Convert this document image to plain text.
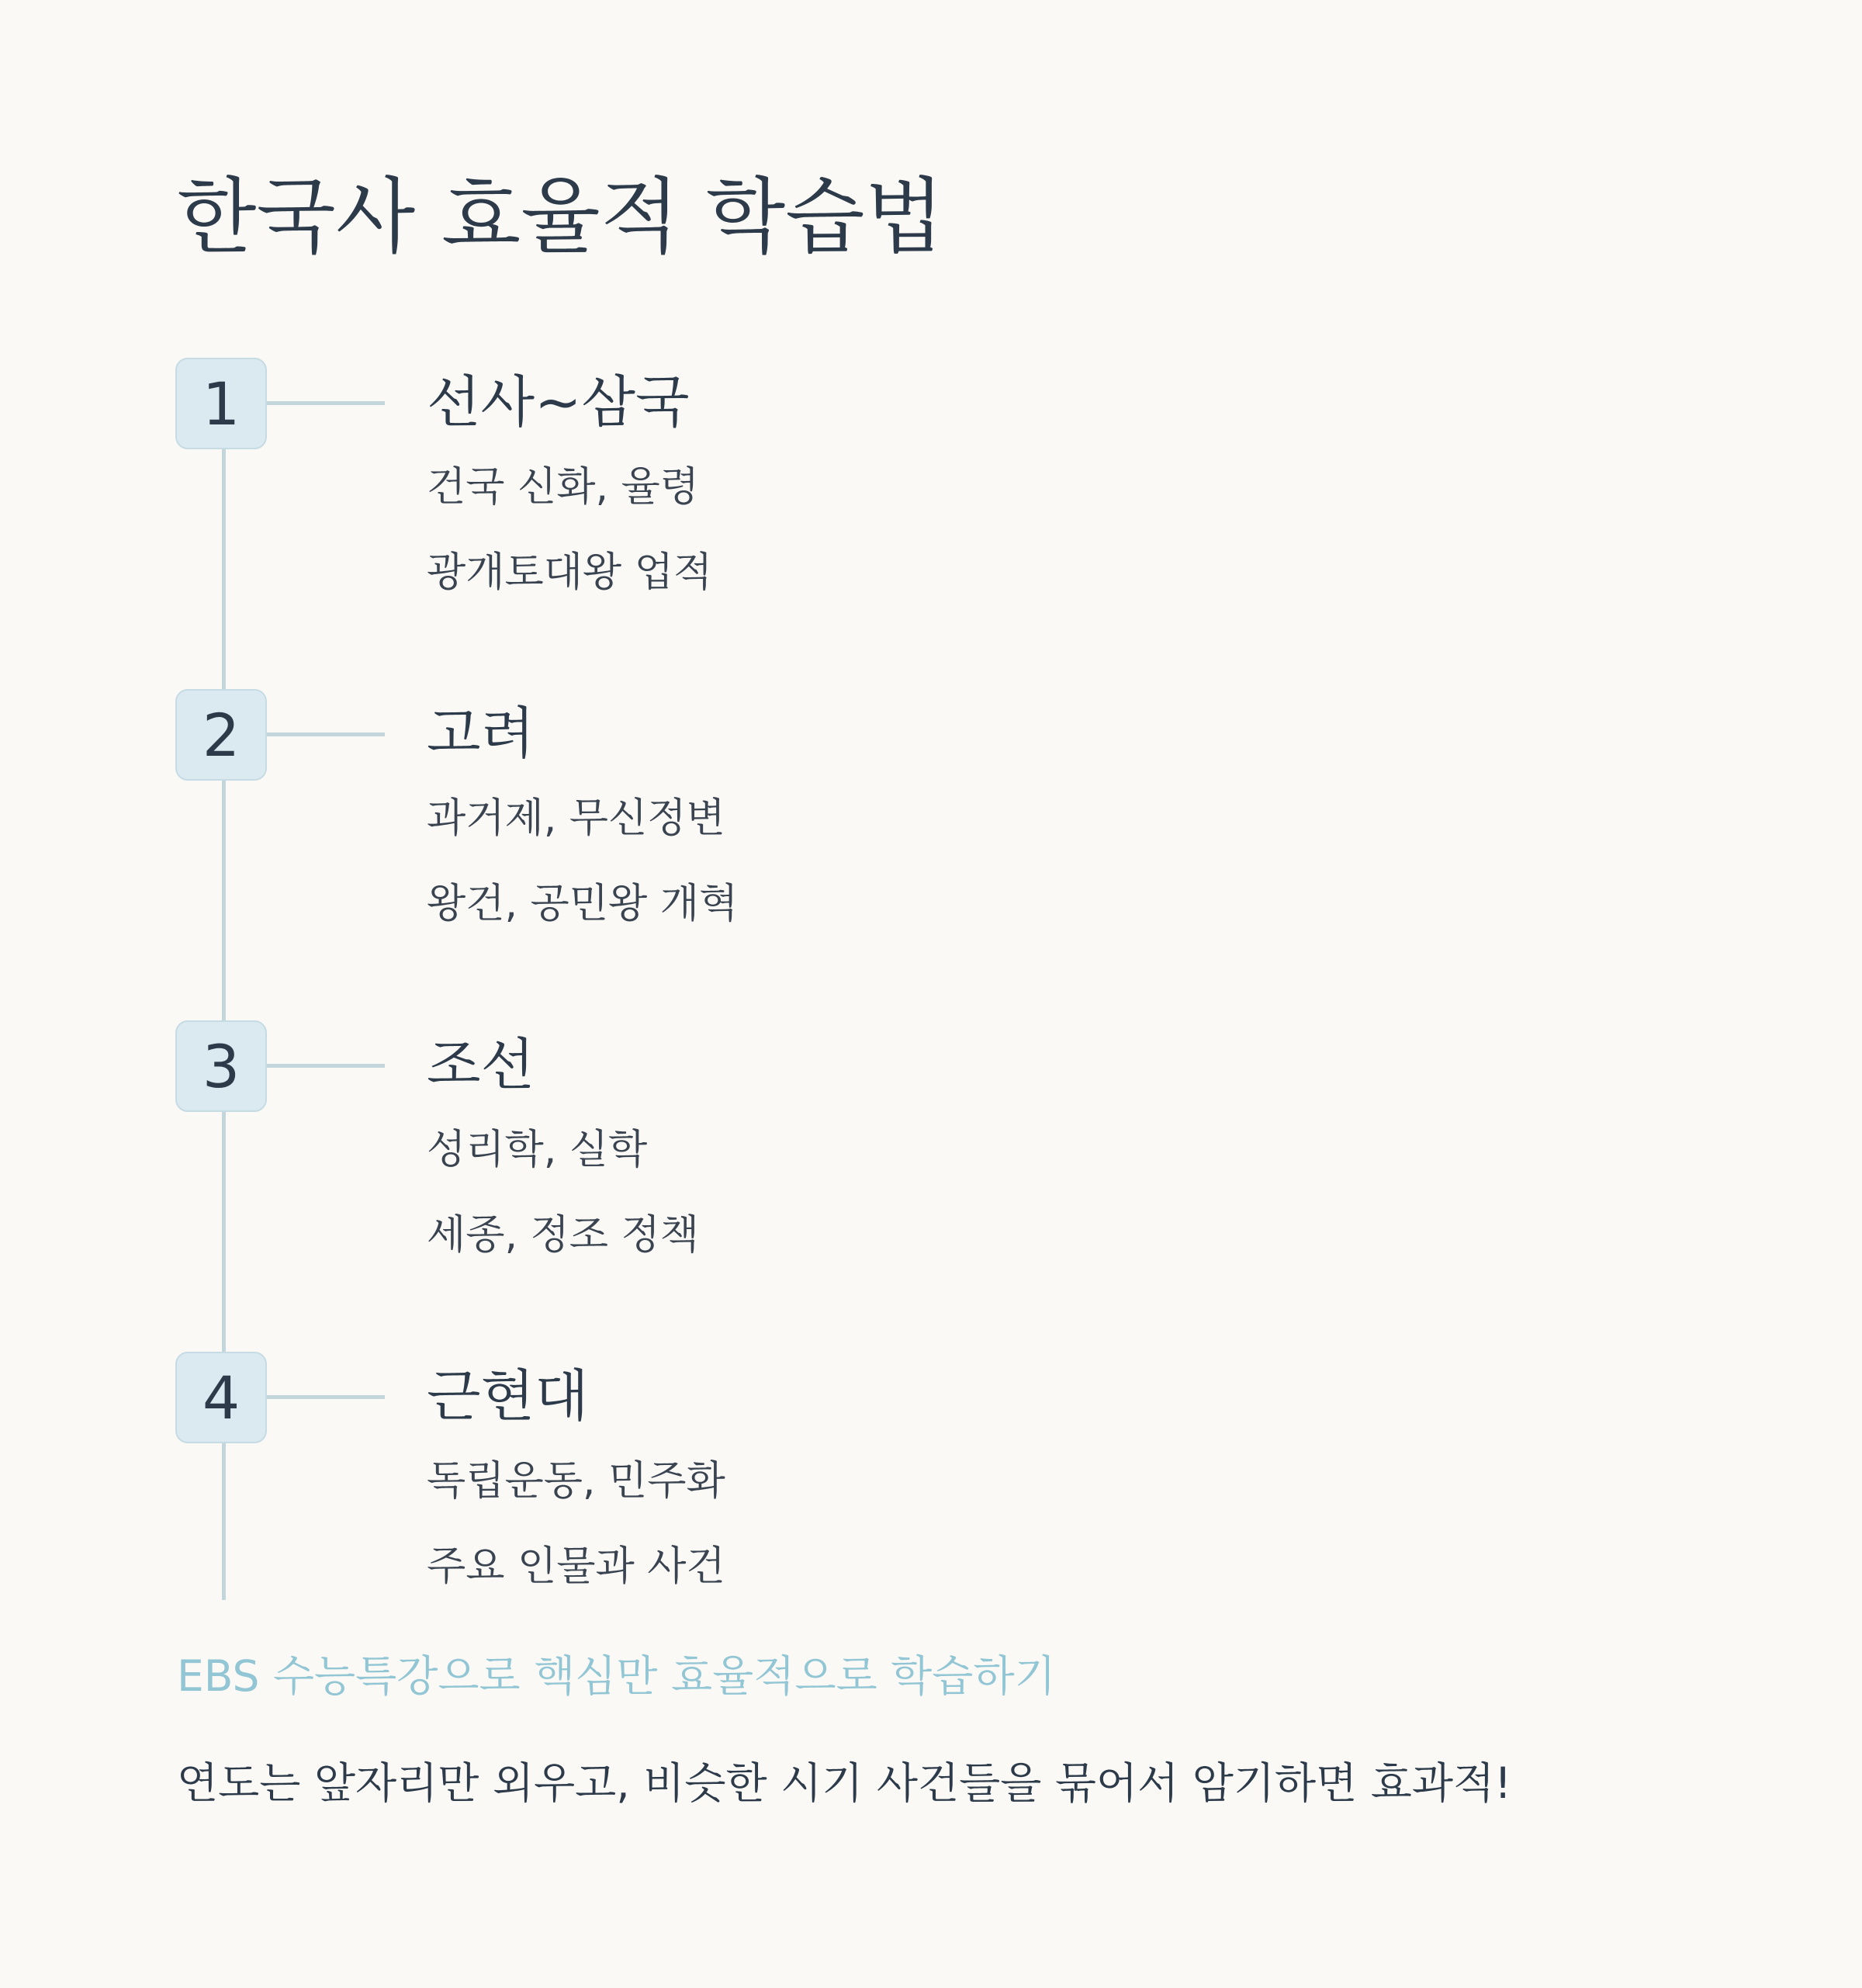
한국사 효율적 학습법
1	선사~삼국
건국 신화, 율령
광개토대왕 업적
2	고려
과거제, 무신정변
왕건, 공민왕 개혁
3	조선
성리학, 실학
세종, 정조 정책
4	근현대
독립운동, 민주화
주요 인물과 사건
EBS 수능특강으로 핵심만 효율적으로 학습하기
연도는 앞자리만 외우고, 비슷한 시기 사건들을 묶어서 암기하면 효과적!
